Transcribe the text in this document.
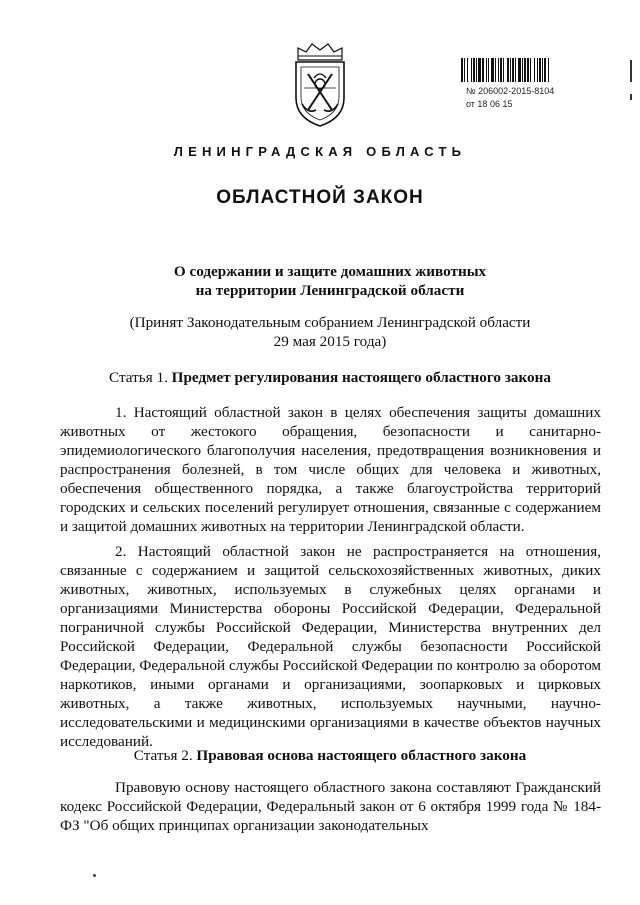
№ 206002-2015-8104
от 18 06 15
ЛЕНИНГРАДСКАЯ ОБЛАСТЬ
ОБЛАСТНОЙ ЗАКОН
О содержании и защите домашних животных
на территории Ленинградской области
(Принят Законодательным собранием Ленинградской области
29 мая 2015 года)
Статья 1. Предмет регулирования настоящего областного закона
1. Настоящий областной закон в целях обеспечения защиты домашних животных от жестокого обращения, безопасности и санитарно-эпидемиологического благополучия населения, предотвращения возникновения и распространения болезней, в том числе общих для человека и животных, обеспечения общественного порядка, а также благоустройства территорий городских и сельских поселений регулирует отношения, связанные с содержанием и защитой домашних животных на территории Ленинградской области.
2. Настоящий областной закон не распространяется на отношения, связанные с содержанием и защитой сельскохозяйственных животных, диких животных, животных, используемых в служебных целях органами и организациями Министерства обороны Российской Федерации, Федеральной пограничной службы Российской Федерации, Министерства внутренних дел Российской Федерации, Федеральной службы безопасности Российской Федерации, Федеральной службы Российской Федерации по контролю за оборотом наркотиков, иными органами и организациями, зоопарковых и цирковых животных, а также животных, используемых научными, научно-исследовательскими и медицинскими организациями в качестве объектов научных исследований.
Статья 2. Правовая основа настоящего областного закона
Правовую основу настоящего областного закона составляют Гражданский кодекс Российской Федерации, Федеральный закон от 6 октября 1999 года № 184-ФЗ "Об общих принципах организации законодательных
